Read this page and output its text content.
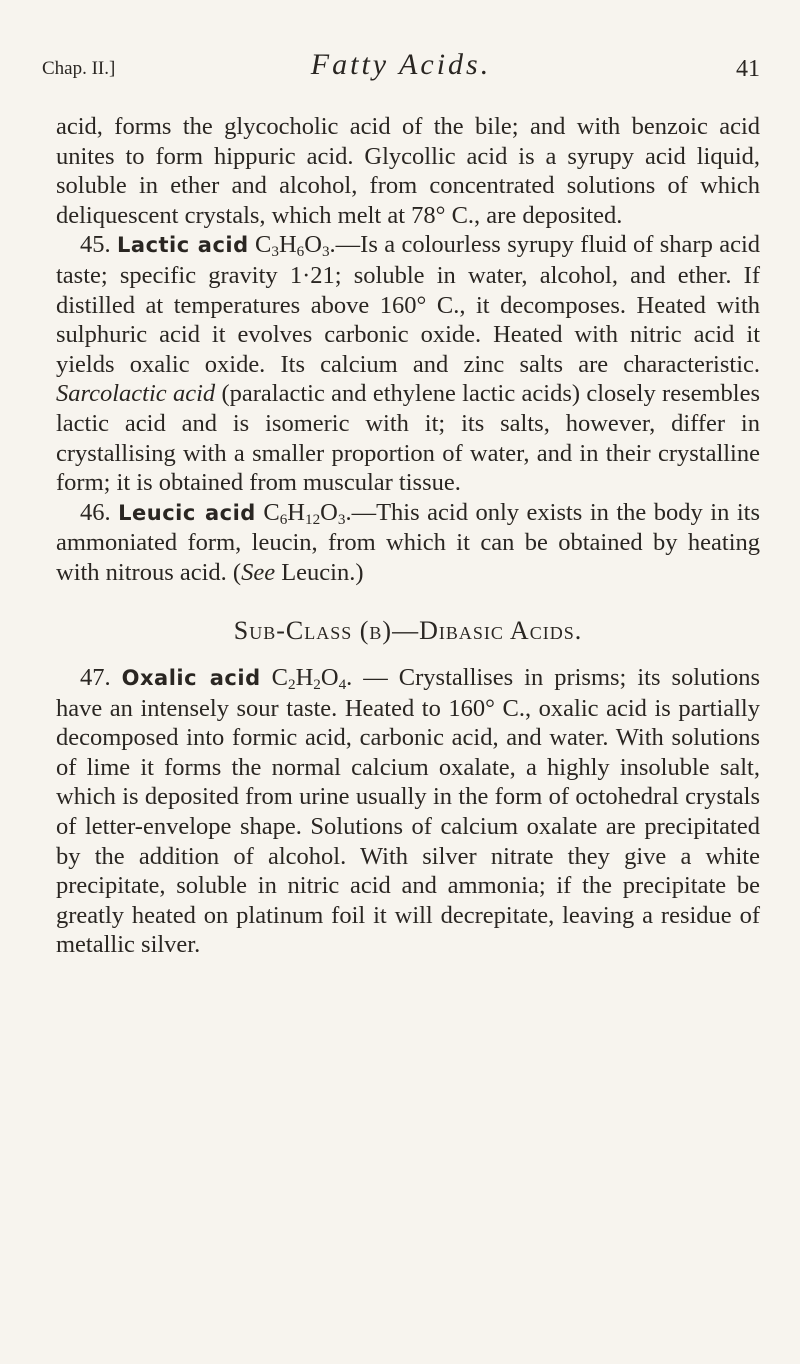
Chap. II.]	Fatty Acids.	41

acid, forms the glycocholic acid of the bile; and with benzoic acid unites to form hippuric acid. Glycollic acid is a syrupy acid liquid, soluble in ether and alcohol, from concentrated solutions of which deliquescent crystals, which melt at 78° C., are deposited.

45. Lactic acid $C_3H_6O_3.—Is$ a colourless syrupy fluid of sharp acid taste; specific gravity 1·21; soluble in water, alcohol, and ether. If distilled at temperatures above 160° C., it decomposes. Heated with sulphuric acid it evolves carbonic oxide. Heated with nitric acid it yields oxalic oxide. Its calcium and zinc salts are characteristic. Sarcolactic acid (paralactic and ethylene lactic acids) closely resembles lactic acid and is isomeric with it; its salts, however, differ in crystallising with a smaller proportion of water, and in their crystalline form; it is obtained from muscular tissue.

46. Leucic acid $C_6H_{12}O_3.—This$ acid only exists in the body in its ammoniated form, leucin, from which it can be obtained by heating with nitrous acid. (See Leucin.)

Sub-Class (b)—Dibasic Acids.

47. Oxalic acid $C_2H_2O_4$. — Crystallises in prisms; its solutions have an intensely sour taste. Heated to 160° C., oxalic acid is partially decomposed into formic acid, carbonic acid, and water. With solutions of lime it forms the normal calcium oxalate, a highly insoluble salt, which is deposited from urine usually in the form of octohedral crystals of letter-envelope shape. Solutions of calcium oxalate are precipitated by the addition of alcohol. With silver nitrate they give a white precipitate, soluble in nitric acid and ammonia; if the precipitate be greatly heated on platinum foil it will decrepitate, leaving a residue of metallic silver.
